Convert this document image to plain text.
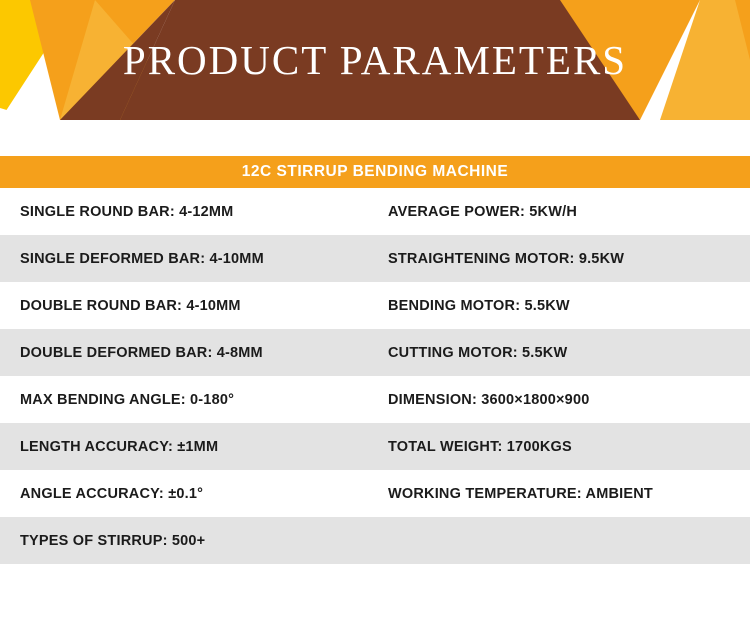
PRODUCT PARAMETERS
12C STIRRUP BENDING MACHINE
SINGLE ROUND BAR: 4-12MM	AVERAGE POWER: 5KW/H
SINGLE DEFORMED BAR: 4-10MM	STRAIGHTENING MOTOR: 9.5KW
DOUBLE ROUND BAR: 4-10MM	BENDING MOTOR: 5.5KW
DOUBLE DEFORMED BAR: 4-8MM	CUTTING MOTOR: 5.5KW
MAX BENDING ANGLE: 0-180°	DIMENSION: 3600×1800×900
LENGTH ACCURACY: ±1MM	TOTAL WEIGHT: 1700KGS
ANGLE ACCURACY: ±0.1°	WORKING TEMPERATURE: AMBIENT
TYPES OF STIRRUP: 500+
